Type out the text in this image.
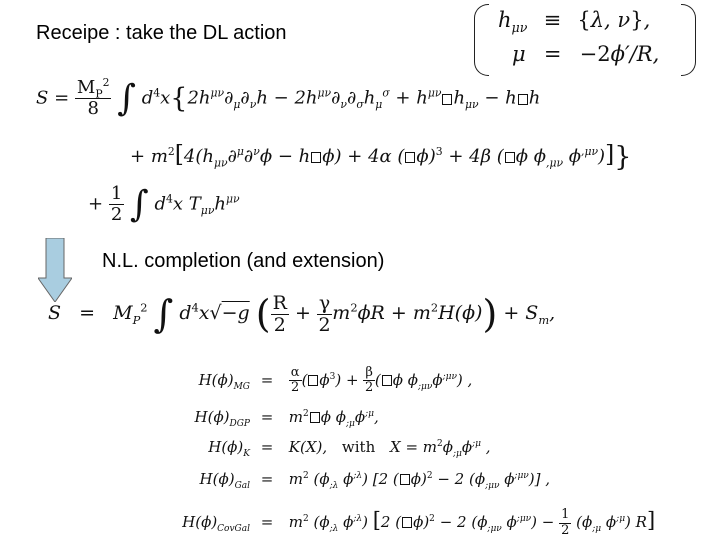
Receipe : take the DL action
$h_{\mu\nu} \equiv \{\lambda$, ν},
μ = −2ϕ′/R,
$S = \frac{M_P^2}{8}$ ∫ $d^4x\{2h^{\mu\nu}\partial_\mu\partial_\nu h - 2h^{\mu\nu}\partial_\nu\partial_\sigma h_\mu^\sigma + h^{\mu\nu}$ $h_{\mu\nu} - h$ h
+ $m^2[4(h_{\mu\nu}\partial^\mu\partial^\nu\phi - h$ ϕ) + 4α ( ϕ)$^3$ + 4β ( ϕ $\phi_{,\mu\nu}$ $\phi^{,\mu\nu}$)]}
+ $\frac{1}{2}$ ∫ $d^4x$ $T_{\mu\nu}h^{\mu\nu}$
N.L. completion (and extension)
$S = M_P^2$ ∫ $d^4x√-g$ ( $\frac{R}{2} + \frac{\gamma}{2} m^2\phi R + m^2H(\phi)) + S_m$,
$H(\phi)_{MG} = \frac{\alpha}{2}$ ( $\phi^3) + \frac{\beta}{2}$ ( ϕ $\phi_{;\mu\nu}\phi^{;\mu\nu}$) ,
$H(\phi)_{DGP} = m^2$ ϕ $\phi_{;\mu}\phi^{;\mu}$,
$H(\phi)_K = K(X)$, with $X = m^2\phi_{;\mu}\phi^{;\mu}$ ,
$H(\phi)_{Gal} = m^2$ ($\phi_{;\lambda}$ $\phi^{;\lambda}$) [2 ( ϕ)$^2$ − 2 ($\phi_{;\mu\nu}$ $\phi^{;\mu\nu}$)] ,
$H(\phi)_{CovGal} = m^2$ ($\phi_{;\lambda}$ $\phi^{;\lambda}$) [2 ( ϕ)$^2$ − 2 ($\phi_{;\mu\nu}$ $\phi^{;\mu\nu}) - \frac{1}{2} (\phi_{;\mu}$ $\phi^{;\mu}$) R]
